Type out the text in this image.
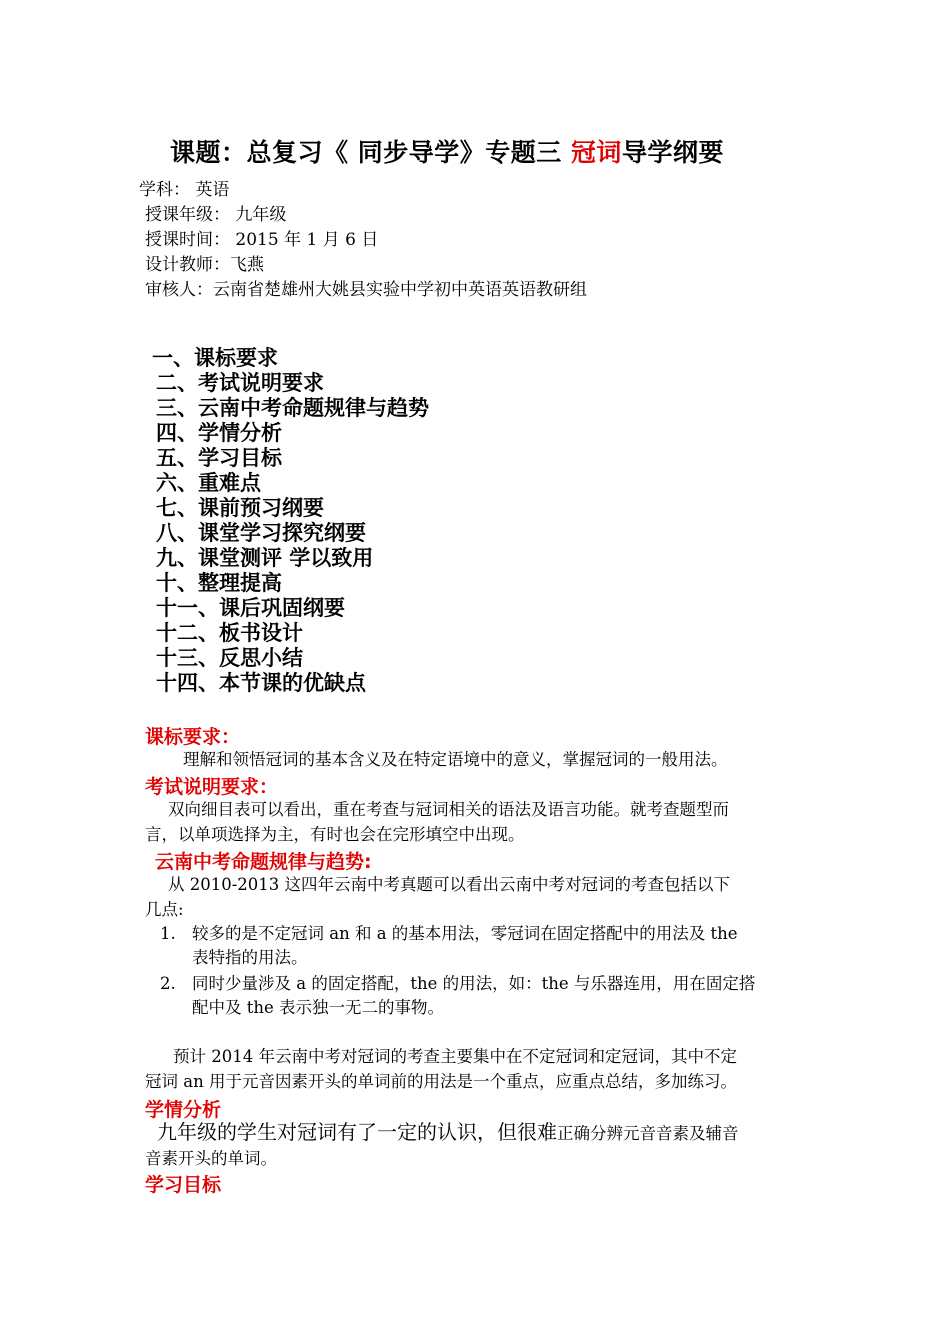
课题：总复习《 同步导学》专题三 冠词导学纲要
学科： 英语
授课年级： 九年级
授课时间： 2015 年 1 月 6 日
设计教师：飞燕
审核人：云南省楚雄州大姚县实验中学初中英语英语教研组
一、课标要求
二、考试说明要求
三、云南中考命题规律与趋势
四、学情分析
五、学习目标
六、重难点
七、课前预习纲要
八、课堂学习探究纲要
九、课堂测评 学以致用
十、整理提高
十一、课后巩固纲要
十二、板书设计
十三、反思小结
十四、本节课的优缺点
课标要求：

理解和领悟冠词的基本含义及在特定语境中的意义，掌握冠词的一般用法。

考试说明要求：

双向细目表可以看出，重在考查与冠词相关的语法及语言功能。就考查题型而

言，以单项选择为主，有时也会在完形填空中出现。

云南中考命题规律与趋势:

从 2010-2013 这四年云南中考真题可以看出云南中考对冠词的考查包括以下

几点:

1. 较多的是不定冠词 an 和 a 的基本用法，零冠词在固定搭配中的用法及 the

表特指的用法。

2. 同时少量涉及 a 的固定搭配，the 的用法，如：the 与乐器连用，用在固定搭

配中及 the 表示独一无二的事物。

预计 2014 年云南中考对冠词的考查主要集中在不定冠词和定冠词，其中不定

冠词 an 用于元音因素开头的单词前的用法是一个重点，应重点总结，多加练习。

学情分析

九年级的学生对冠词有了一定的认识，但很难正确分辨元音音素及辅音

音素开头的单词。

学习目标
